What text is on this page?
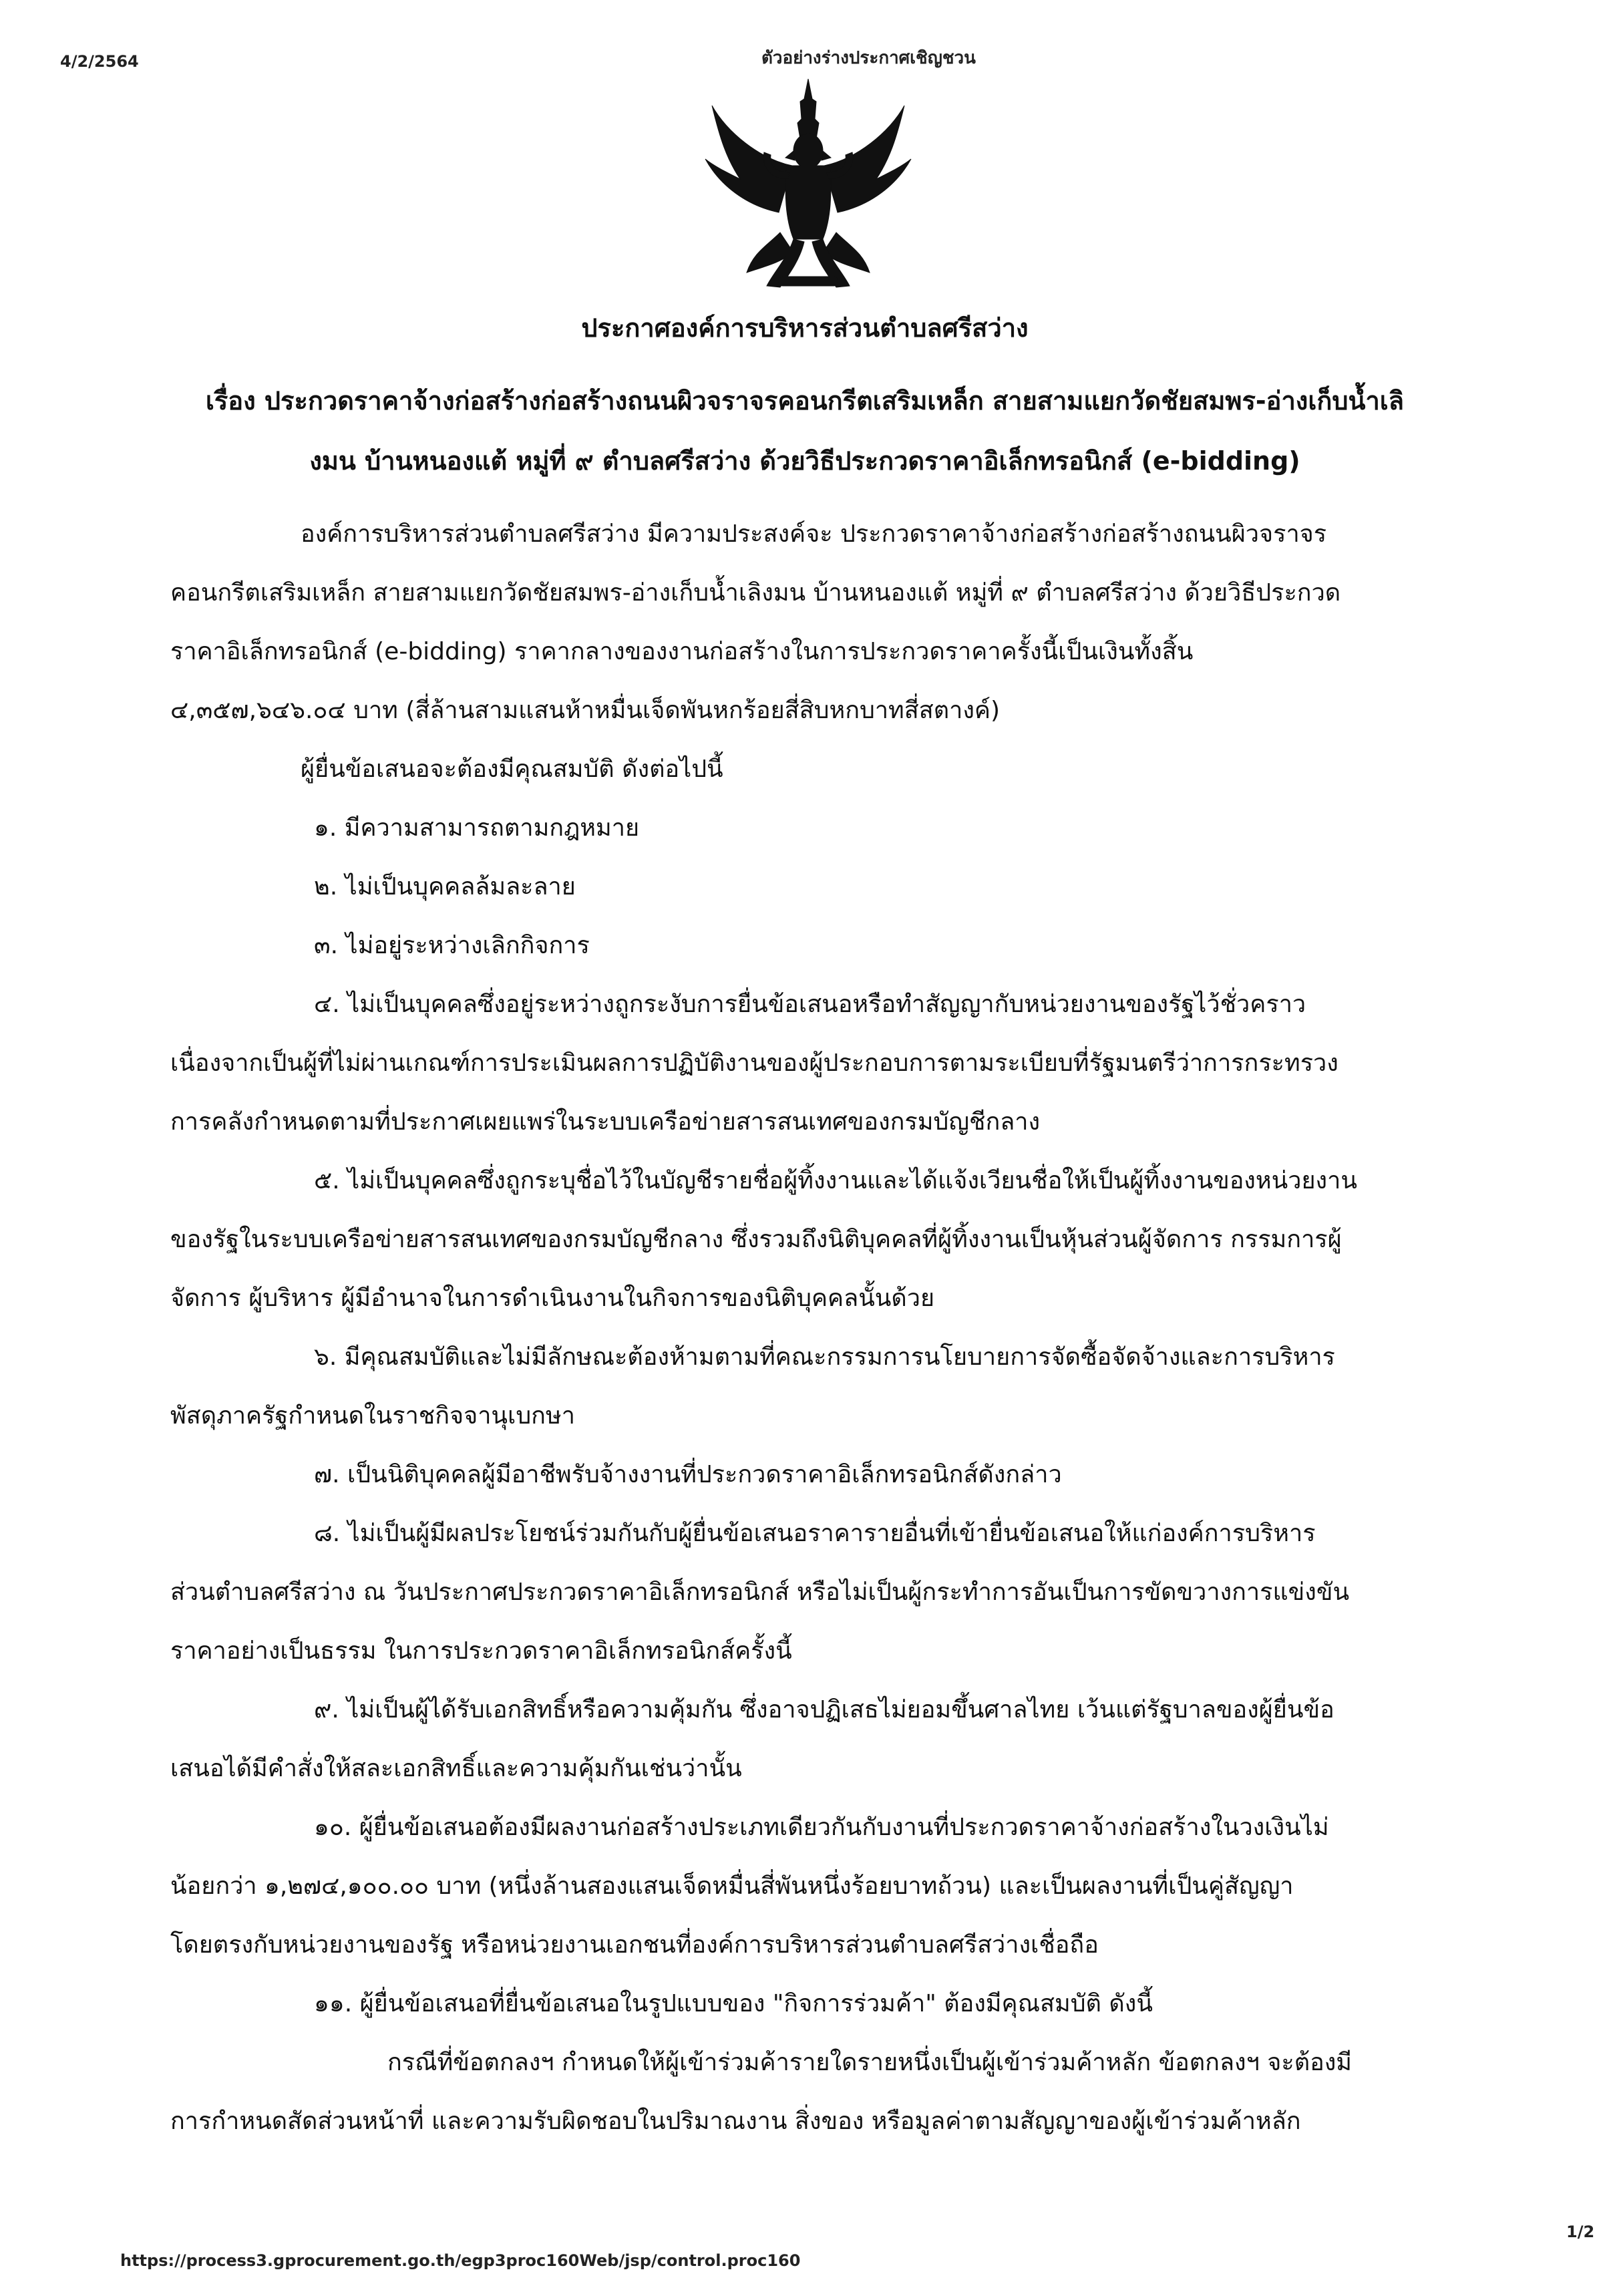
4/2/2564	ตัวอย่างร่างประกาศเชิญชวน
ประกาศองค์การบริหารส่วนตำบลศรีสว่าง
เรื่อง ประกวดราคาจ้างก่อสร้างก่อสร้างถนนผิวจราจรคอนกรีตเสริมเหล็ก สายสามแยกวัดชัยสมพร-อ่างเก็บน้ำเลิ
งมน บ้านหนองแต้ หมู่ที่ ๙ ตำบลศรีสว่าง ด้วยวิธีประกวดราคาอิเล็กทรอนิกส์ (e-bidding)
องค์การบริหารส่วนตำบลศรีสว่าง มีความประสงค์จะ ประกวดราคาจ้างก่อสร้างก่อสร้างถนนผิวจราจร
คอนกรีตเสริมเหล็ก สายสามแยกวัดชัยสมพร-อ่างเก็บน้ำเลิงมน บ้านหนองแต้ หมู่ที่ ๙ ตำบลศรีสว่าง ด้วยวิธีประกวด
ราคาอิเล็กทรอนิกส์ (e-bidding) ราคากลางของงานก่อสร้างในการประกวดราคาครั้งนี้เป็นเงินทั้งสิ้น
๔,๓๕๗,๖๔๖.๐๔ บาท (สี่ล้านสามแสนห้าหมื่นเจ็ดพันหกร้อยสี่สิบหกบาทสี่สตางค์)
ผู้ยื่นข้อเสนอจะต้องมีคุณสมบัติ ดังต่อไปนี้
๑. มีความสามารถตามกฎหมาย
๒. ไม่เป็นบุคคลล้มละลาย
๓. ไม่อยู่ระหว่างเลิกกิจการ
๔. ไม่เป็นบุคคลซึ่งอยู่ระหว่างถูกระงับการยื่นข้อเสนอหรือทำสัญญากับหน่วยงานของรัฐไว้ชั่วคราว
เนื่องจากเป็นผู้ที่ไม่ผ่านเกณฑ์การประเมินผลการปฏิบัติงานของผู้ประกอบการตามระเบียบที่รัฐมนตรีว่าการกระทรวง
การคลังกำหนดตามที่ประกาศเผยแพร่ในระบบเครือข่ายสารสนเทศของกรมบัญชีกลาง
๕. ไม่เป็นบุคคลซึ่งถูกระบุชื่อไว้ในบัญชีรายชื่อผู้ทิ้งงานและได้แจ้งเวียนชื่อให้เป็นผู้ทิ้งงานของหน่วยงาน
ของรัฐในระบบเครือข่ายสารสนเทศของกรมบัญชีกลาง ซึ่งรวมถึงนิติบุคคลที่ผู้ทิ้งงานเป็นหุ้นส่วนผู้จัดการ กรรมการผู้
จัดการ ผู้บริหาร ผู้มีอำนาจในการดำเนินงานในกิจการของนิติบุคคลนั้นด้วย
๖. มีคุณสมบัติและไม่มีลักษณะต้องห้ามตามที่คณะกรรมการนโยบายการจัดซื้อจัดจ้างและการบริหาร
พัสดุภาครัฐกำหนดในราชกิจจานุเบกษา
๗. เป็นนิติบุคคลผู้มีอาชีพรับจ้างงานที่ประกวดราคาอิเล็กทรอนิกส์ดังกล่าว
๘. ไม่เป็นผู้มีผลประโยชน์ร่วมกันกับผู้ยื่นข้อเสนอราคารายอื่นที่เข้ายื่นข้อเสนอให้แก่องค์การบริหาร
ส่วนตำบลศรีสว่าง ณ วันประกาศประกวดราคาอิเล็กทรอนิกส์ หรือไม่เป็นผู้กระทำการอันเป็นการขัดขวางการแข่งขัน
ราคาอย่างเป็นธรรม ในการประกวดราคาอิเล็กทรอนิกส์ครั้งนี้
๙. ไม่เป็นผู้ได้รับเอกสิทธิ์หรือความคุ้มกัน ซึ่งอาจปฏิเสธไม่ยอมขึ้นศาลไทย เว้นแต่รัฐบาลของผู้ยื่นข้อ
เสนอได้มีคำสั่งให้สละเอกสิทธิ์และความคุ้มกันเช่นว่านั้น
๑๐. ผู้ยื่นข้อเสนอต้องมีผลงานก่อสร้างประเภทเดียวกันกับงานที่ประกวดราคาจ้างก่อสร้างในวงเงินไม่
น้อยกว่า ๑,๒๗๔,๑๐๐.๐๐ บาท (หนึ่งล้านสองแสนเจ็ดหมื่นสี่พันหนึ่งร้อยบาทถ้วน) และเป็นผลงานที่เป็นคู่สัญญา
โดยตรงกับหน่วยงานของรัฐ หรือหน่วยงานเอกชนที่องค์การบริหารส่วนตำบลศรีสว่างเชื่อถือ
๑๑. ผู้ยื่นข้อเสนอที่ยื่นข้อเสนอในรูปแบบของ "กิจการร่วมค้า" ต้องมีคุณสมบัติ ดังนี้
กรณีที่ข้อตกลงฯ กำหนดให้ผู้เข้าร่วมค้ารายใดรายหนึ่งเป็นผู้เข้าร่วมค้าหลัก ข้อตกลงฯ จะต้องมี
การกำหนดสัดส่วนหน้าที่ และความรับผิดชอบในปริมาณงาน สิ่งของ หรือมูลค่าตามสัญญาของผู้เข้าร่วมค้าหลัก
1/2
https://process3.gprocurement.go.th/egp3proc160Web/jsp/control.proc160
